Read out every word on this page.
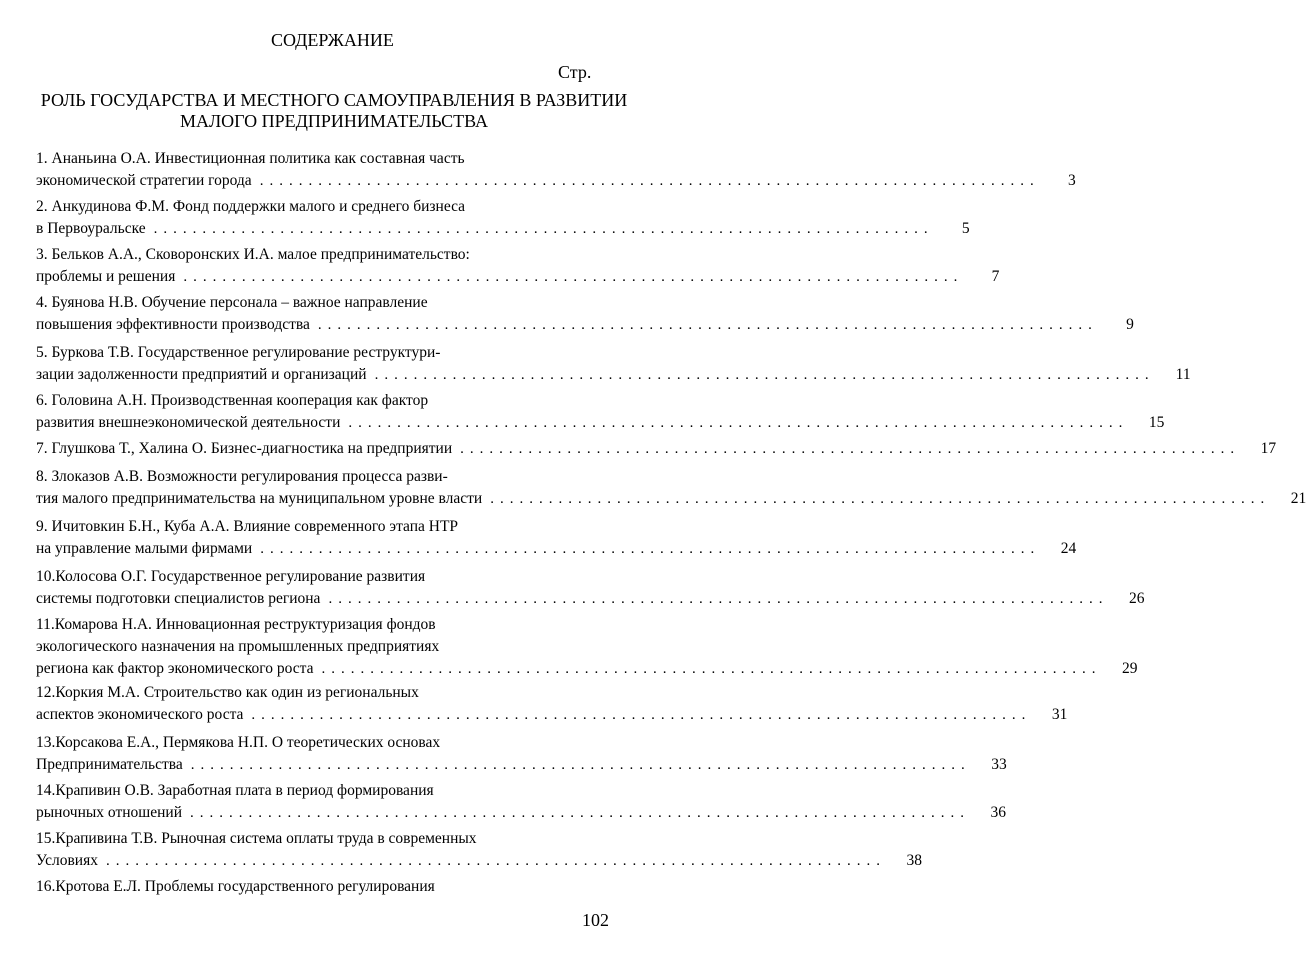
СОДЕРЖАНИЕ
Стр.
РОЛЬ ГОСУДАРСТВА И МЕСТНОГО САМОУПРАВЛЕНИЯ В РАЗВИТИИ
МАЛОГО ПРЕДПРИНИМАТЕЛЬСТВА
1. Ананьина О.А. Инвестиционная политика как составная часть
экономической стратегии города ................................................................................	3
2. Анкудинова Ф.М. Фонд поддержки малого и среднего бизнеса
в Первоуральске ................................................................................	5
3. Бельков А.А., Сковоронских И.А. малое предпринимательство:
проблемы и решения ................................................................................	7
4. Буянова Н.В. Обучение персонала – важное направление
повышения эффективности производства ................................................................................	9
5. Буркова Т.В. Государственное регулирование реструктури-
зации задолженности предприятий и организаций ................................................................................	11
6. Головина А.Н. Производственная кооперация как фактор
развития внешнеэкономической деятельности ................................................................................	15
7. Глушкова Т., Халина О. Бизнес-диагностика на предприятии ................................................................................	17
8. Злоказов А.В. Возможности регулирования процесса разви-
тия малого предпринимательства на муниципальном уровне власти ................................................................................	21
9. Ичитовкин Б.Н., Куба А.А. Влияние современного этапа НТР
на управление малыми фирмами ................................................................................	24
10.Колосова О.Г. Государственное регулирование развития
системы подготовки специалистов региона ................................................................................	26
11.Комарова Н.А. Инновационная реструктуризация фондов
экологического назначения на промышленных предприятиях
региона как фактор экономического роста ................................................................................	29
12.Коркия М.А. Строительство как один из региональных
аспектов экономического роста ................................................................................	31
13.Корсакова Е.А., Пермякова Н.П. О теоретических основах
Предпринимательства ................................................................................	33
14.Крапивин О.В. Заработная плата в период формирования
рыночных отношений ................................................................................	36
15.Крапивина Т.В. Рыночная система оплаты труда в современных
Условиях ................................................................................	38
16.Кротова Е.Л. Проблемы государственного регулирования
102
